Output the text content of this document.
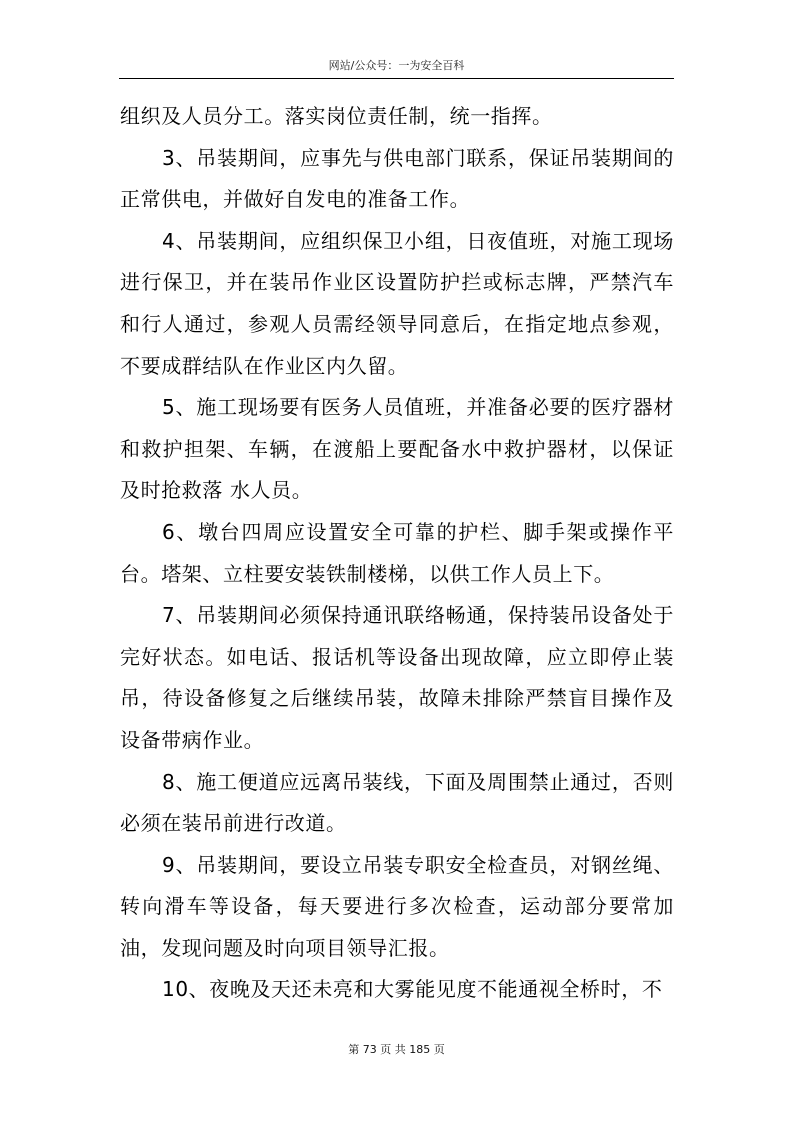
网站/公众号：一为安全百科

组织及人员分工。落实岗位责任制，统一指挥。

3、吊装期间，应事先与供电部门联系，保证吊装期间的正常供电，并做好自发电的准备工作。

4、吊装期间，应组织保卫小组，日夜值班，对施工现场进行保卫，并在装吊作业区设置防护拦或标志牌，严禁汽车和行人通过，参观人员需经领导同意后，在指定地点参观，不要成群结队在作业区内久留。

5、施工现场要有医务人员值班，并准备必要的医疗器材和救护担架、车辆，在渡船上要配备水中救护器材，以保证及时抢救落 水人员。

6、墩台四周应设置安全可靠的护栏、脚手架或操作平台。塔架、立柱要安装铁制楼梯，以供工作人员上下。

7、吊装期间必须保持通讯联络畅通，保持装吊设备处于完好状态。如电话、报话机等设备出现故障，应立即停止装吊，待设备修复之后继续吊装，故障未排除严禁盲目操作及设备带病作业。

8、施工便道应远离吊装线，下面及周围禁止通过，否则必须在装吊前进行改道。

9、吊装期间，要设立吊装专职安全检查员，对钢丝绳、转向滑车等设备，每天要进行多次检查，运动部分要常加油，发现问题及时向项目领导汇报。

10、夜晚及天还未亮和大雾能见度不能通视全桥时，不

第 73 页 共 185 页
